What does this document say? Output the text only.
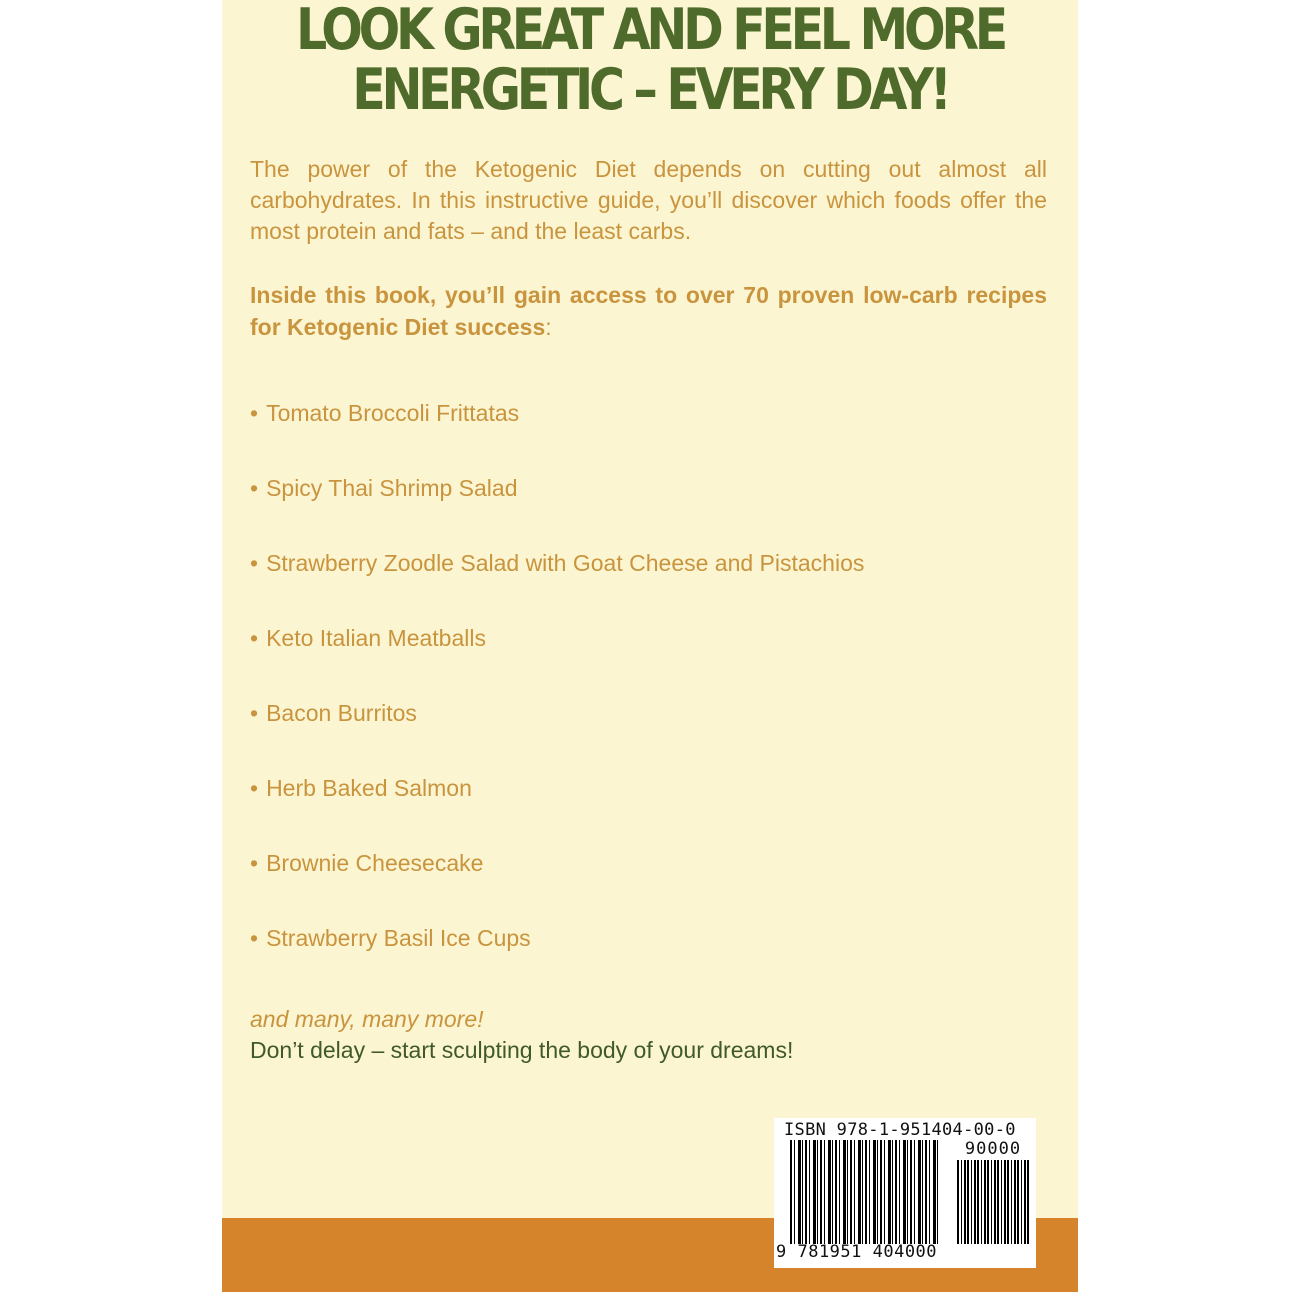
LOOK GREAT AND FEEL MORE
ENERGETIC – EVERY DAY!

The power of the Ketogenic Diet depends on cutting out almost all carbohydrates. In this instructive guide, you’ll discover which foods offer the most protein and fats – and the least carbs.

Inside this book, you’ll gain access to over 70 proven low-carb recipes for Ketogenic Diet success:

• Tomato Broccoli Frittatas
• Spicy Thai Shrimp Salad
• Strawberry Zoodle Salad with Goat Cheese and Pistachios
• Keto Italian Meatballs
• Bacon Burritos
• Herb Baked Salmon
• Brownie Cheesecake
• Strawberry Basil Ice Cups
and many, many more!
Don’t delay – start sculpting the body of your dreams!
ISBN 978-1-951404-00-0
90000
9 781951 404000
